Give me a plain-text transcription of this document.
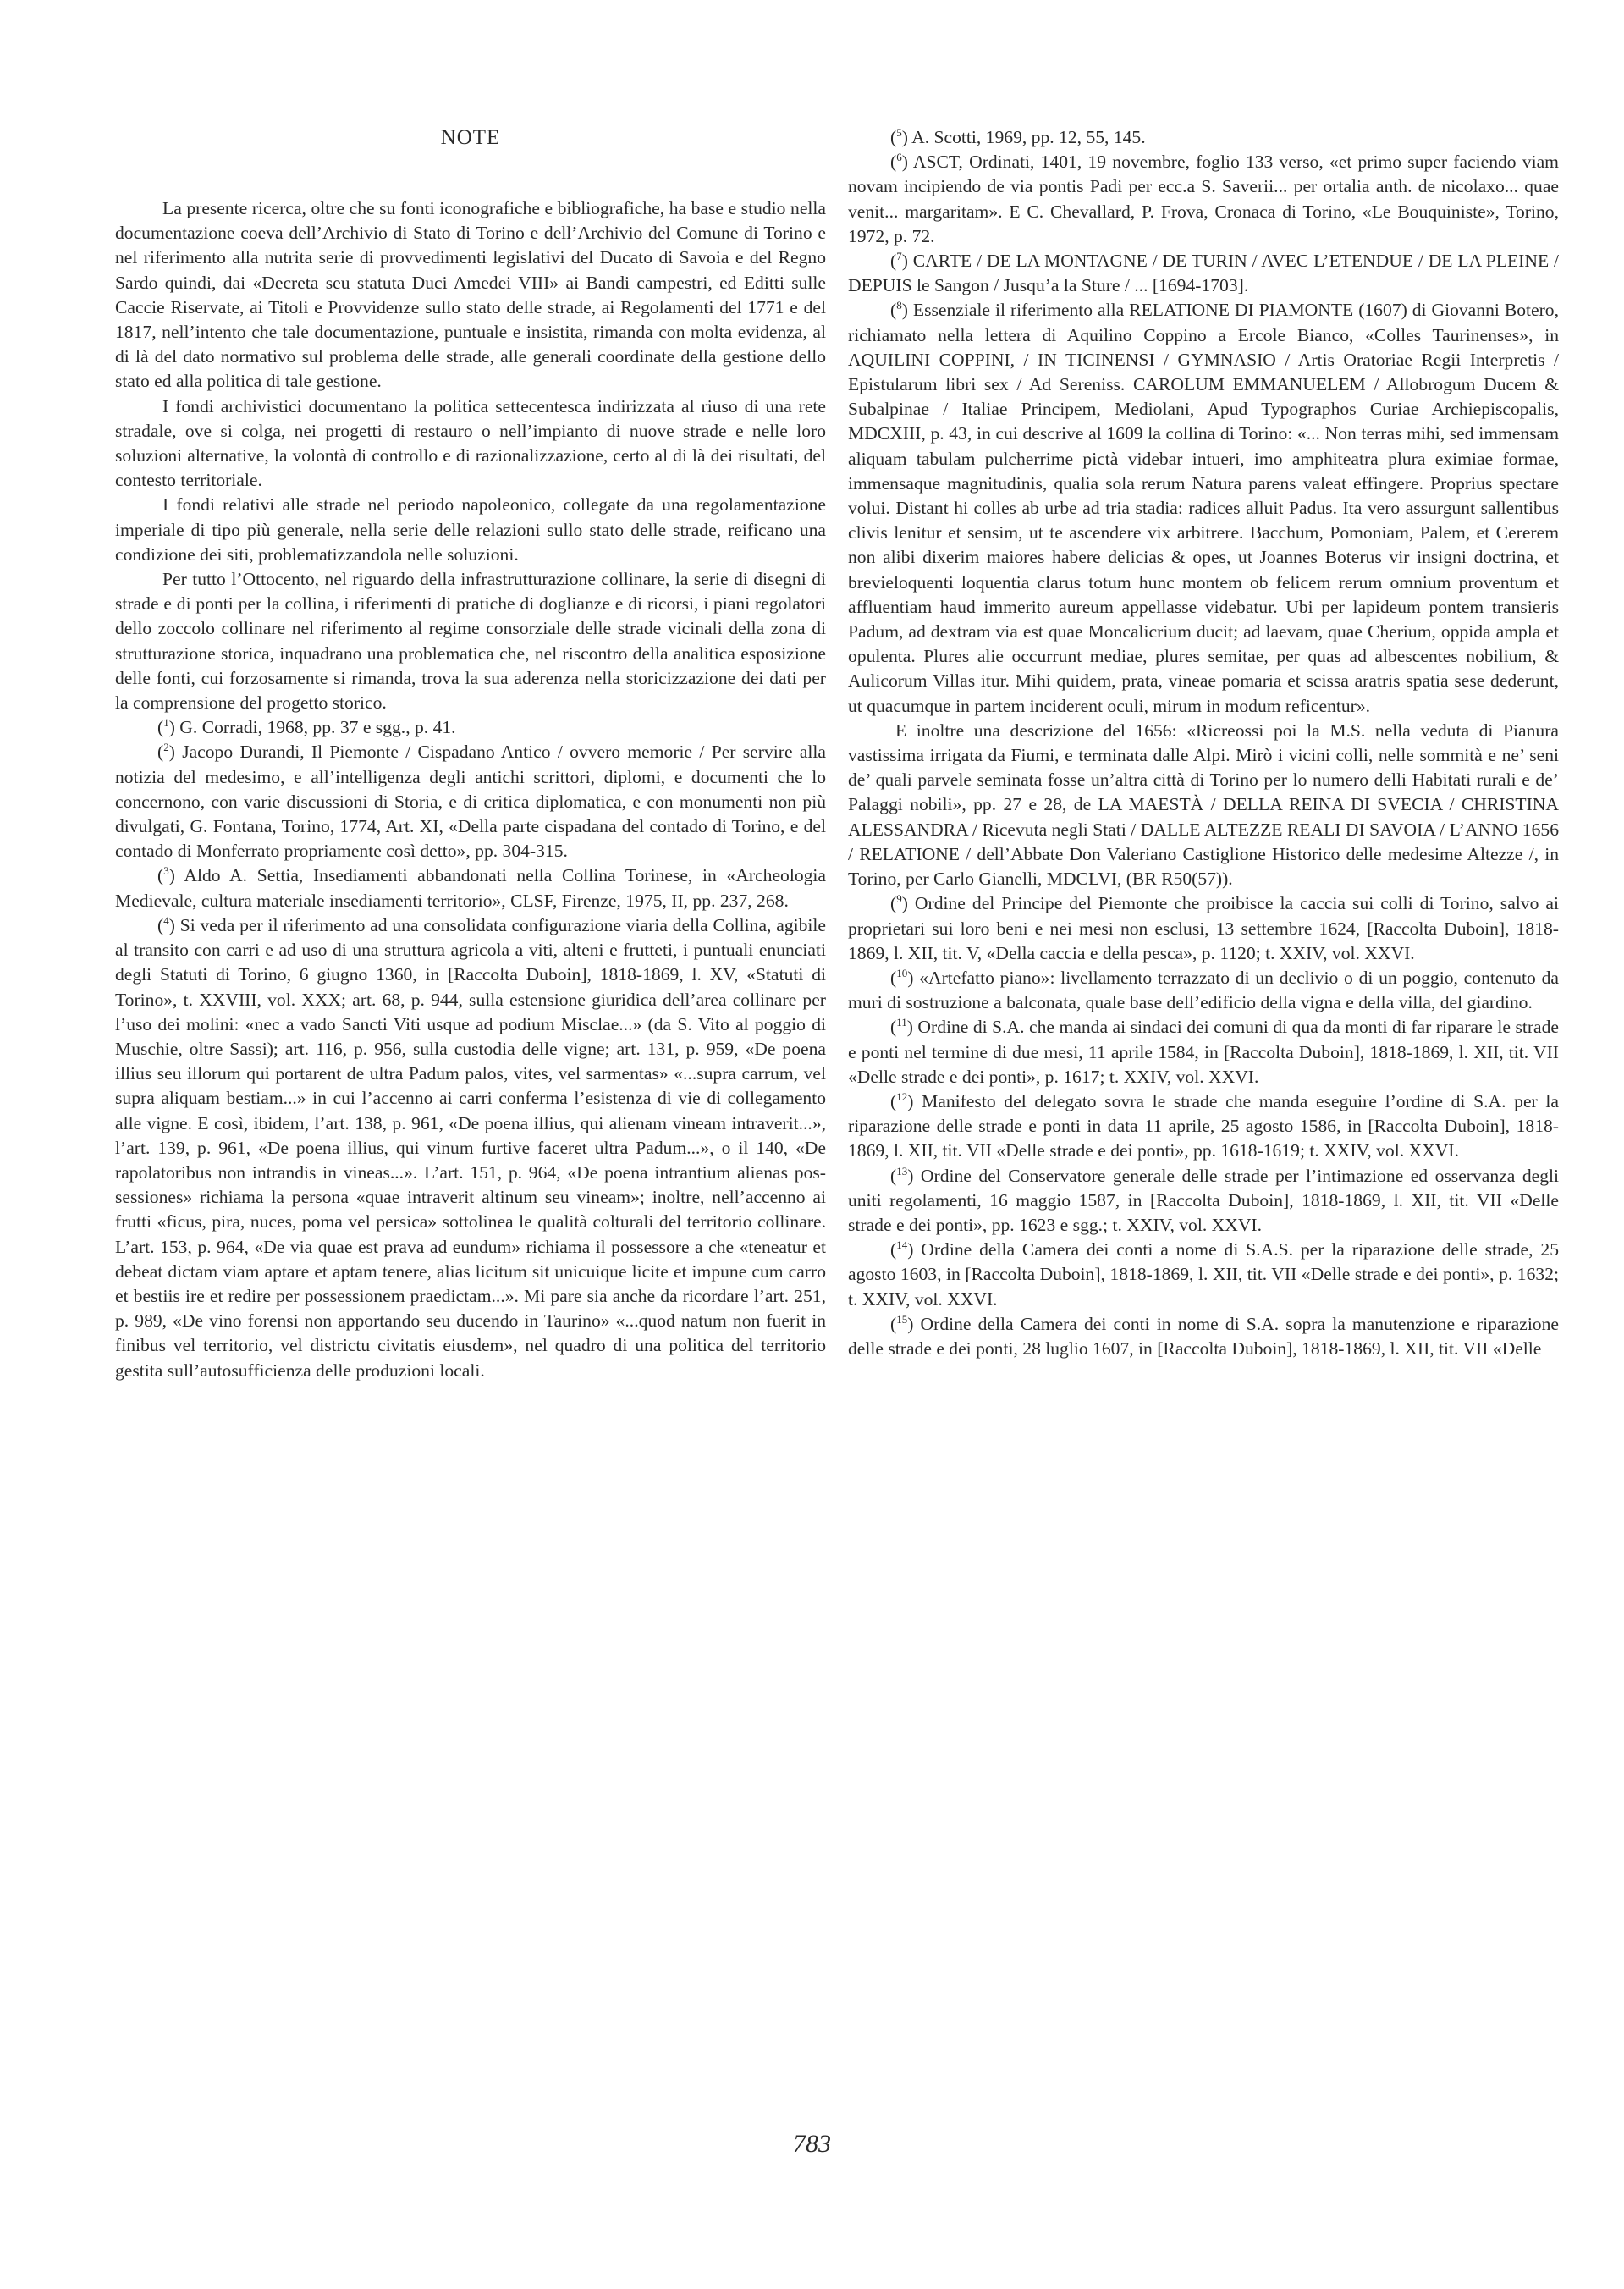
NOTE

La presente ricerca, oltre che su fonti iconografiche e bibliografiche, ha base e studio nella documentazione coeva dell’Archivio di Stato di Torino e dell’Archivio del Comune di Torino e nel riferimento alla nutrita serie di provvedimenti legislativi del Ducato di Savoia e del Regno Sardo quindi, dai «Decreta seu statuta Duci Amedei VIII» ai Bandi campestri, ed Editti sulle Caccie Riservate, ai Titoli e Provvidenze sullo stato delle strade, ai Regolamenti del 1771 e del 1817, nell’intento che tale documentazione, puntuale e insistita, rimanda con molta evidenza, al di là del dato normativo sul problema delle strade, alle generali coordinate della gestione dello stato ed alla politica di tale gestione.

I fondi archivistici documentano la politica settecentesca indirizzata al riuso di una rete stradale, ove si colga, nei progetti di restauro o nell’impianto di nuove strade e nelle loro soluzioni alternative, la volontà di controllo e di razionalizzazione, certo al di là dei risultati, del contesto territoriale.

I fondi relativi alle strade nel periodo napoleonico, collegate da una regolamentazione imperiale di tipo più generale, nella serie delle relazioni sullo stato delle strade, reificano una condizione dei siti, problematizzandola nelle soluzioni.

Per tutto l’Ottocento, nel riguardo della infrastrutturazione collinare, la serie di disegni di strade e di ponti per la collina, i riferimenti di pratiche di doglianze e di ricorsi, i piani regolatori dello zoccolo collinare nel riferimento al regime consorziale delle strade vicinali della zona di strutturazione storica, inquadrano una problematica che, nel riscontro della analitica esposizione delle fonti, cui forzosamente si rimanda, trova la sua aderenza nella storicizzazione dei dati per la comprensione del progetto storico.

($^1$) G. Corradi, 1968, pp. 37 e sgg., p. 41.

($^2$) Jacopo Durandi, Il Piemonte / Cispadano Antico / ovvero memorie / Per servire alla notizia del medesimo, e all’intelligenza degli antichi scrittori, diplomi, e documenti che lo concernono, con varie discussioni di Storia, e di critica diplomatica, e con monumenti non più divulgati, G. Fontana, Torino, 1774, Art. XI, «Della parte cispadana del contado di Torino, e del contado di Monferrato propriamente così detto», pp. 304-315.

($^3$) Aldo A. Settia, Insediamenti abbandonati nella Collina Torinese, in «Archeologia Medievale, cultura materiale insediamenti territorio», CLSF, Firenze, 1975, II, pp. 237, 268.

($^4$) Si veda per il riferimento ad una consolidata configurazione viaria della Collina, agibile al transito con carri e ad uso di una struttura agricola a viti, alteni e frutteti, i puntuali enunciati degli Statuti di Torino, 6 giugno 1360, in [Raccolta Duboin], 1818-1869, l. XV, «Statuti di Torino», t. XXVIII, vol. XXX; art. 68, p. 944, sulla estensione giuridica dell’area collinare per l’uso dei molini: «nec a vado Sancti Viti usque ad podium Misclae...» (da S. Vito al poggio di Muschie, oltre Sassi); art. 116, p. 956, sulla custodia delle vigne; art. 131, p. 959, «De poena illius seu illorum qui portarent de ultra Padum palos, vites, vel sarmentas» «...supra carrum, vel supra aliquam bestiam...» in cui l’accenno ai carri conferma l’esistenza di vie di collegamento alle vigne. E così, ibidem, l’art. 138, p. 961, «De poena illius, qui alienam vineam intraverit...», l’art. 139, p. 961, «De poena illius, qui vinum furtive faceret ultra Padum...», o il 140, «De rapolatoribus non intrandis in vineas...». L’art. 151, p. 964, «De poena intrantium alienas possessiones» richiama la persona «quae intraverit altinum seu vineam»; inoltre, nell’accenno ai frutti «ficus, pira, nuces, poma vel persica» sottolinea le qualità colturali del territorio collinare. L’art. 153, p. 964, «De via quae est prava ad eundum» richiama il possessore a che «teneatur et debeat dictam viam aptare et aptam tenere, alias licitum sit unicuique licite et impune cum carro et bestiis ire et redire per possessionem praedictam...». Mi pare sia anche da ricordare l’art. 251, p. 989, «De vino forensi non apportando seu ducendo in Taurino» «...quod natum non fuerit in finibus vel territorio, vel districtu civitatis eiusdem», nel quadro di una politica del territorio gestita sull’autosufficienza delle produzioni locali.

($^5$) A. Scotti, 1969, pp. 12, 55, 145.

($^6$) ASCT, Ordinati, 1401, 19 novembre, foglio 133 verso, «et primo super faciendo viam novam incipiendo de via pontis Padi per ecc.a S. Saverii... per ortalia anth. de nicolaxo... quae venit... margaritam». E C. Chevallard, P. Frova, Cronaca di Torino, «Le Bouquiniste», Torino, 1972, p. 72.

($^7$) CARTE / DE LA MONTAGNE / DE TURIN / AVEC L’ETENDUE / DE LA PLEINE / DEPUIS le Sangon / Jusqu’a la Sture / ... [1694-1703].

($^8$) Essenziale il riferimento alla RELATIONE DI PIAMONTE (1607) di Giovanni Botero, richiamato nella lettera di Aquilino Coppino a Ercole Bianco, «Colles Taurinenses», in AQUILINI COPPINI, / IN TICINENSI / GYMNASIO / Artis Oratoriae Regii Interpretis / Epistularum libri sex / Ad Sereniss. CAROLUM EMMANUELEM / Allobrogum Ducem & Subalpinae / Italiae Principem, Mediolani, Apud Typographos Curiae Archiepiscopalis, MDCXIII, p. 43, in cui descrive al 1609 la collina di Torino: «... Non terras mihi, sed immensam aliquam tabulam pulcherrime pictà videbar intueri, imo amphiteatra plura eximiae formae, immensaque magnitudinis, qualia sola rerum Natura parens valeat effingere. Proprius spectare volui. Distant hi colles ab urbe ad tria stadia: radices alluit Padus. Ita vero assurgunt sallentibus clivis lenitur et sensim, ut te ascendere vix arbitrere. Bacchum, Pomoniam, Palem, et Cererem non alibi dixerim maiores habere delicias & opes, ut Joannes Boterus vir insigni doctrina, et brevieloquenti loquentia clarus totum hunc montem ob felicem rerum omnium proventum et affluentiam haud immerito aureum appellasse videbatur. Ubi per lapideum pontem transieris Padum, ad dextram via est quae Moncalicrium ducit; ad laevam, quae Cherium, oppida ampla et opulenta. Plures alie occurrunt mediae, plures semitae, per quas ad albescentes nobilium, & Aulicorum Villas itur. Mihi quidem, prata, vineae pomaria et scissa aratris spatia sese dederunt, ut quacumque in partem inciderent oculi, mirum in modum reficentur».

E inoltre una descrizione del 1656: «Ricreossi poi la M.S. nella veduta di Pianura vastissima irrigata da Fiumi, e terminata dalle Alpi. Mirò i vicini colli, nelle sommità e ne’ seni de’ quali parvele seminata fosse un’altra città di Torino per lo numero delli Habitati rurali e de’ Palaggi nobili», pp. 27 e 28, de LA MAESTÀ / DELLA REINA DI SVECIA / CHRISTINA ALESSANDRA / Ricevuta negli Stati / DALLE ALTEZZE REALI DI SAVOIA / L’ANNO 1656 / RELATIONE / dell’Abbate Don Valeriano Castiglione Historico delle medesime Altezze /, in Torino, per Carlo Gianelli, MDCLVI, (BR R50(57)).

($^9$) Ordine del Principe del Piemonte che proibisce la caccia sui colli di Torino, salvo ai proprietari sui loro beni e nei mesi non esclusi, 13 settembre 1624, [Raccolta Duboin], 1818-1869, l. XII, tit. V, «Della caccia e della pesca», p. 1120; t. XXIV, vol. XXVI.

($^{10}$) «Artefatto piano»: livellamento terrazzato di un declivio o di un poggio, contenuto da muri di sostruzione a balconata, quale base dell’edificio della vigna e della villa, del giardino.

($^{11}$) Ordine di S.A. che manda ai sindaci dei comuni di qua da monti di far riparare le strade e ponti nel termine di due mesi, 11 aprile 1584, in [Raccolta Duboin], 1818-1869, l. XII, tit. VII «Delle strade e dei ponti», p. 1617; t. XXIV, vol. XXVI.

($^{12}$) Manifesto del delegato sovra le strade che manda eseguire l’ordine di S.A. per la riparazione delle strade e ponti in data 11 aprile, 25 agosto 1586, in [Raccolta Duboin], 1818-1869, l. XII, tit. VII «Delle strade e dei ponti», pp. 1618-1619; t. XXIV, vol. XXVI.

($^{13}$) Ordine del Conservatore generale delle strade per l’intimazione ed osservanza degli uniti regolamenti, 16 maggio 1587, in [Raccolta Duboin], 1818-1869, l. XII, tit. VII «Delle strade e dei ponti», pp. 1623 e sgg.; t. XXIV, vol. XXVI.

($^{14}$) Ordine della Camera dei conti a nome di S.A.S. per la riparazione delle strade, 25 agosto 1603, in [Raccolta Duboin], 1818-1869, l. XII, tit. VII «Delle strade e dei ponti», p. 1632; t. XXIV, vol. XXVI.

($^{15}$) Ordine della Camera dei conti in nome di S.A. sopra la manutenzione e riparazione delle strade e dei ponti, 28 luglio 1607, in [Raccolta Duboin], 1818-1869, l. XII, tit. VII «Delle

783
